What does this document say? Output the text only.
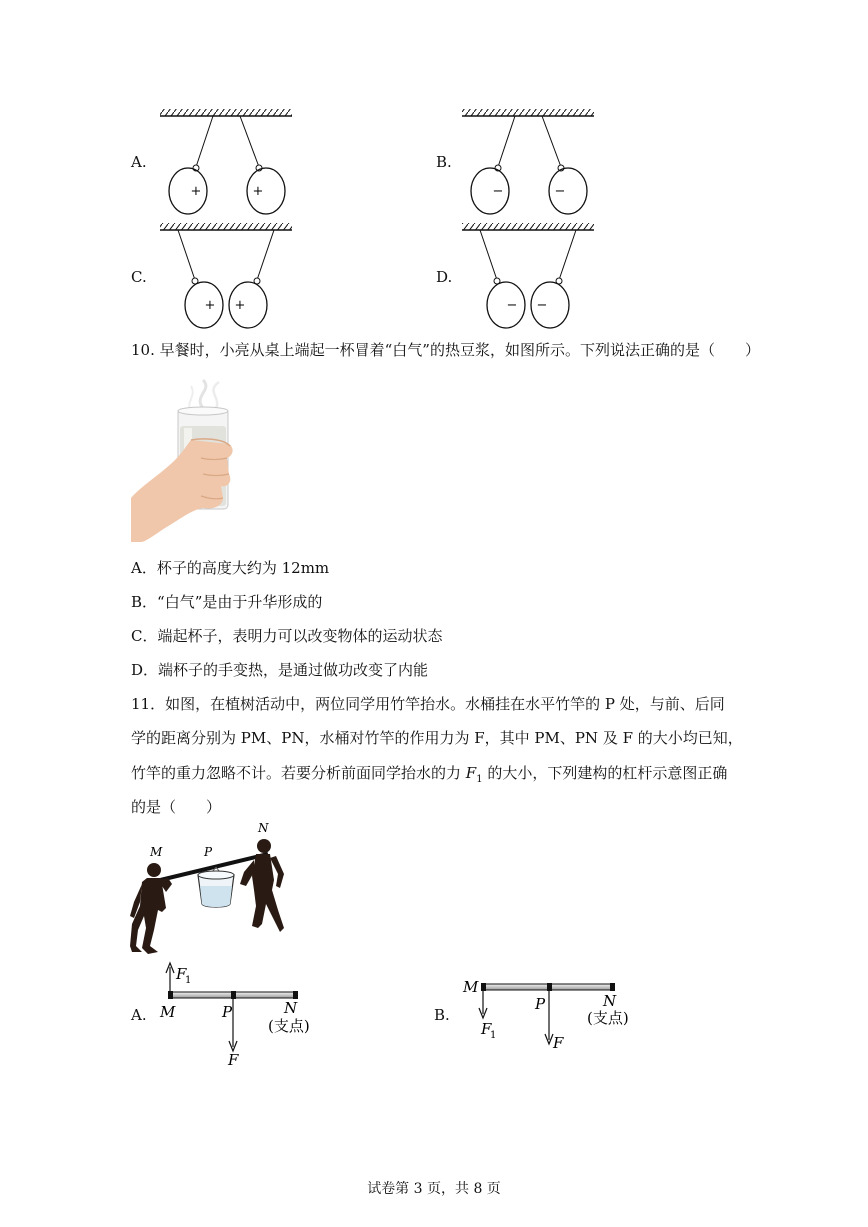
A.	B.
C.	D.
+	+	−	−
+ +	− −
10. 早餐时，小亮从桌上端起一杯冒着“白气”的热豆浆，如图所示。下列说法正确的是（　　）
A．杯子的高度大约为 12mm
B．“白气”是由于升华形成的
C．端起杯子，表明力可以改变物体的运动状态
D．端杯子的手变热，是通过做功改变了内能
11．如图，在植树活动中，两位同学用竹竿抬水。水桶挂在水平竹竿的 P 处，与前、后同
学的距离分别为 PM、PN，水桶对竹竿的作用力为 F，其中 PM、PN 及 F 的大小均已知，
竹竿的重力忽略不计。若要分析前面同学抬水的力 $F_1$ 的大小，下列建构的杠杆示意图正确
的是（　　）
M	P
N
A.
F
1
M	P	N
(支点)
F
B.
M
F
1
P	N
(支点)
F
试卷第 3 页，共 8 页
